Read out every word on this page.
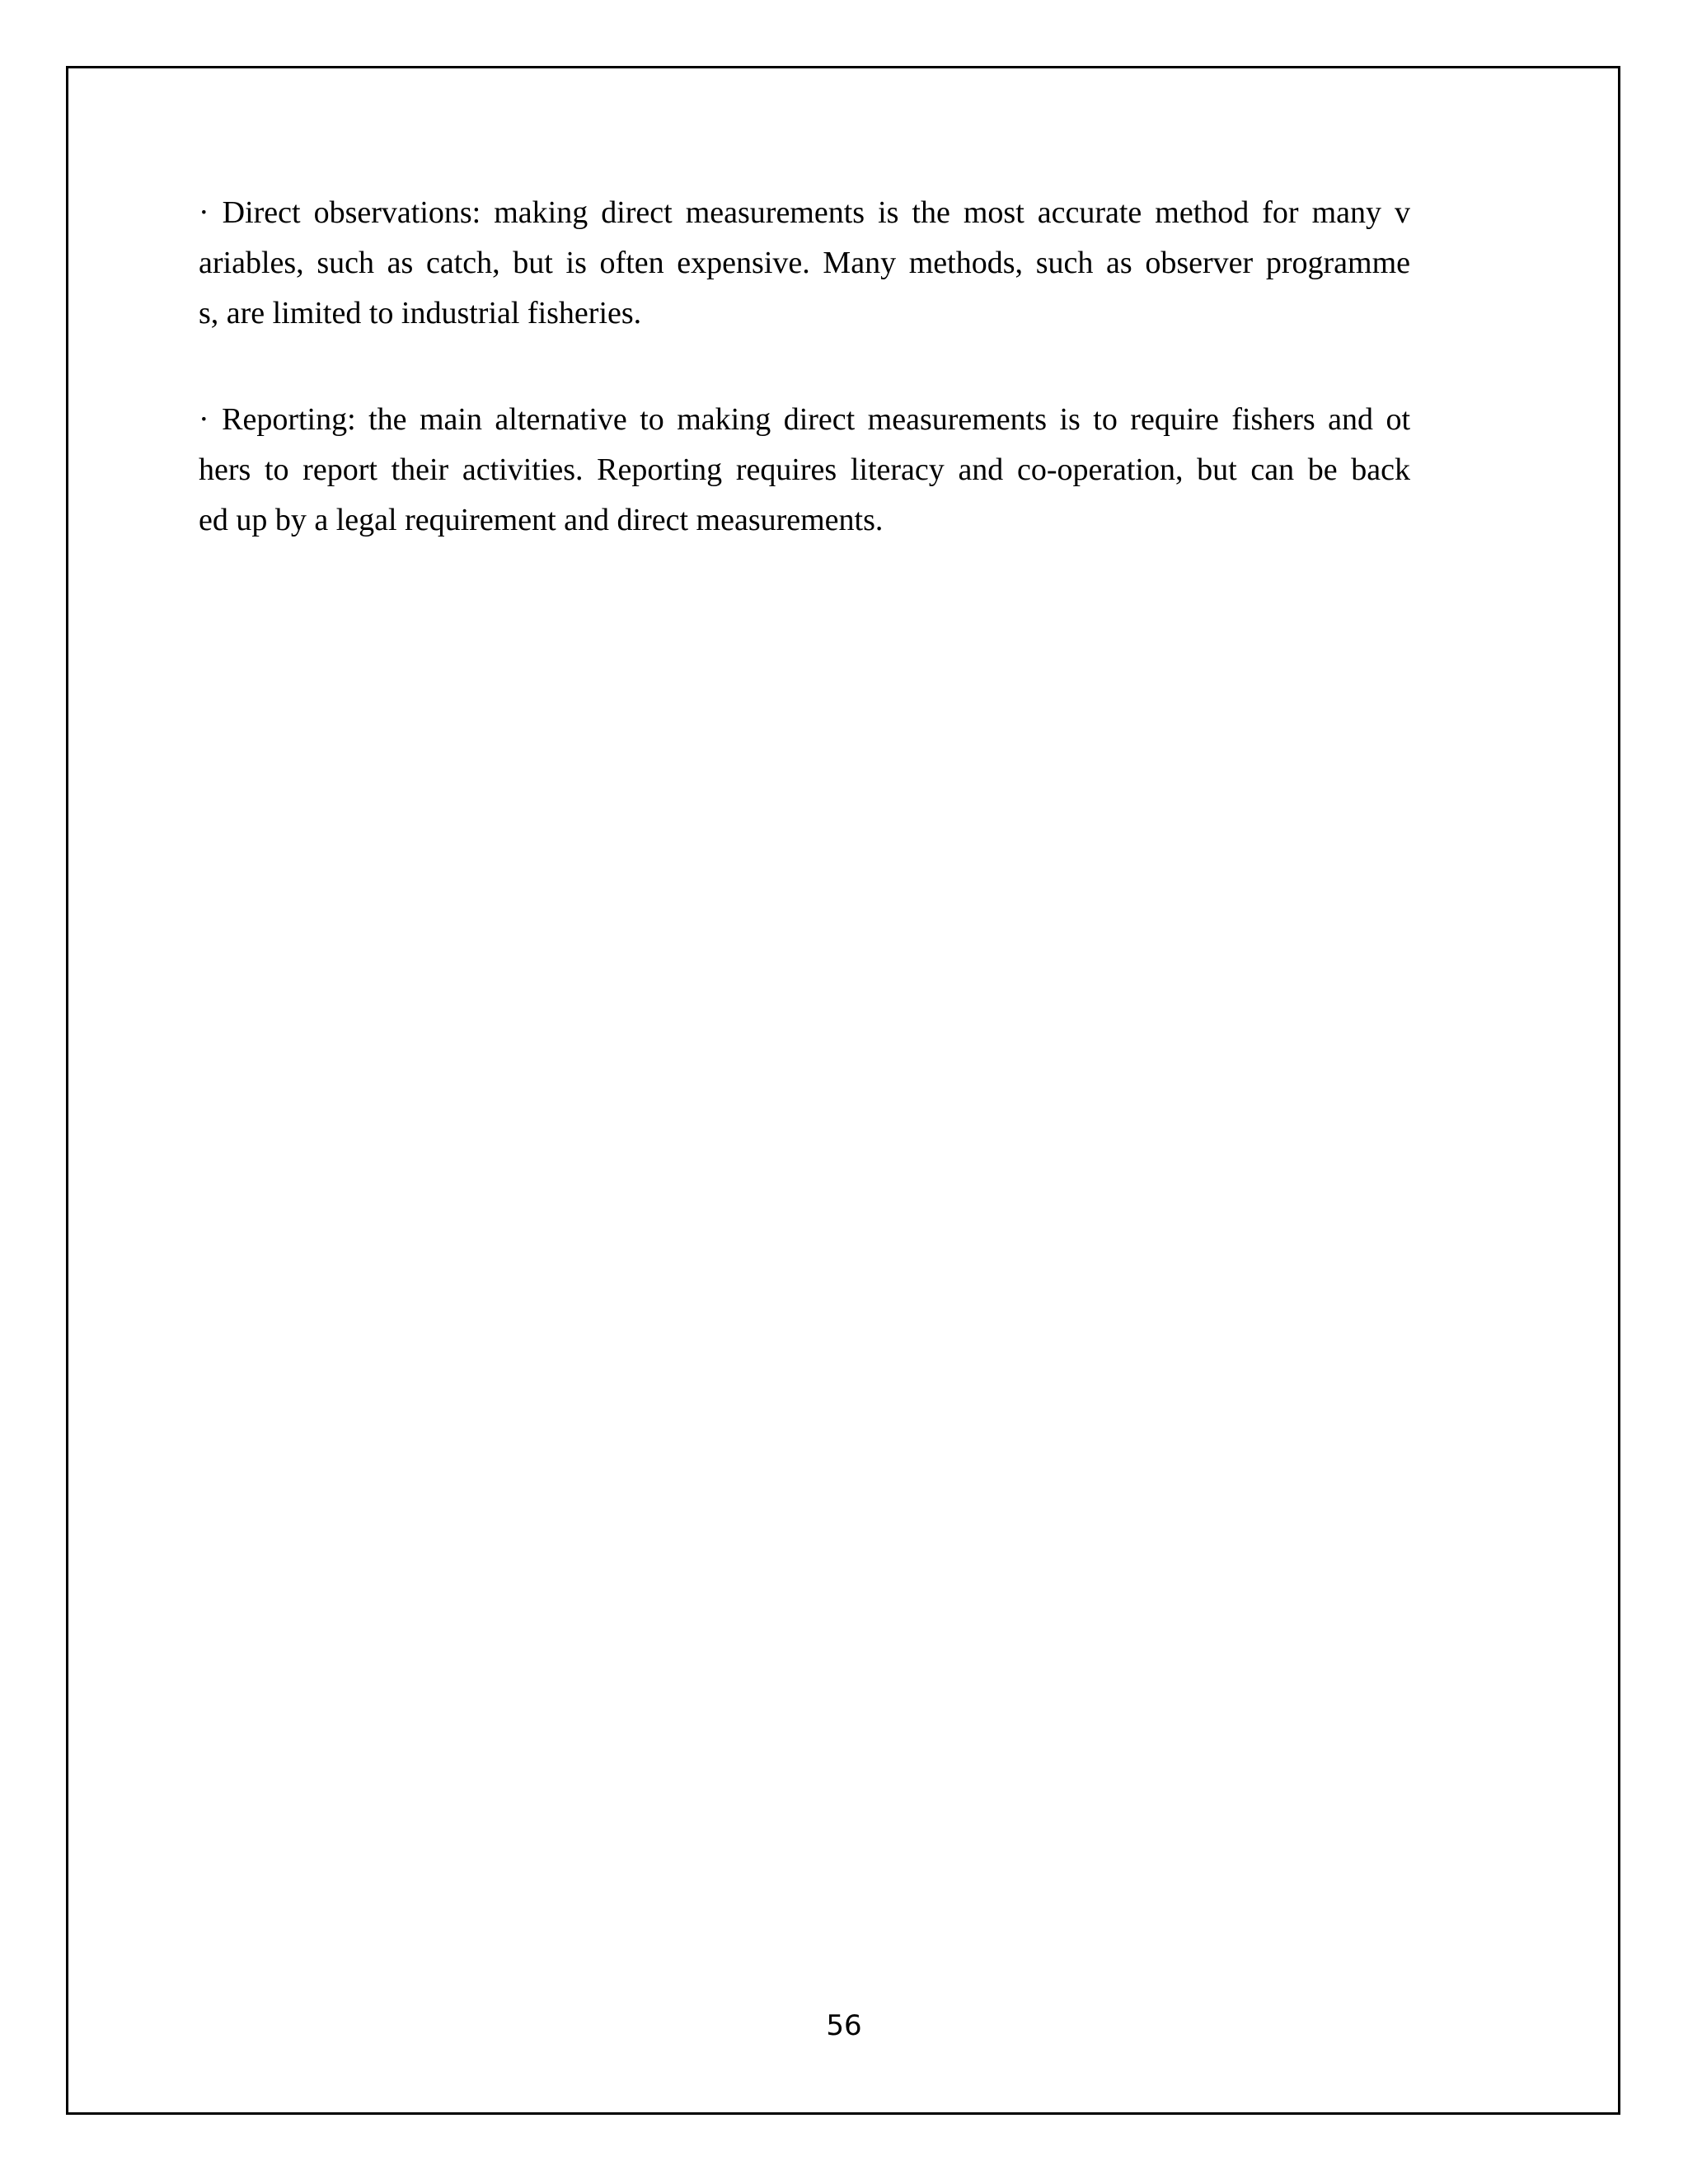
· Direct observations: making direct measurements is the most accurate method for many v
ariables, such as catch, but is often expensive. Many methods, such as observer programme
s, are limited to industrial fisheries.

· Reporting: the main alternative to making direct measurements is to require fishers and ot
hers to report their activities. Reporting requires literacy and co-operation, but can be back
ed up by a legal requirement and direct measurements.

56
